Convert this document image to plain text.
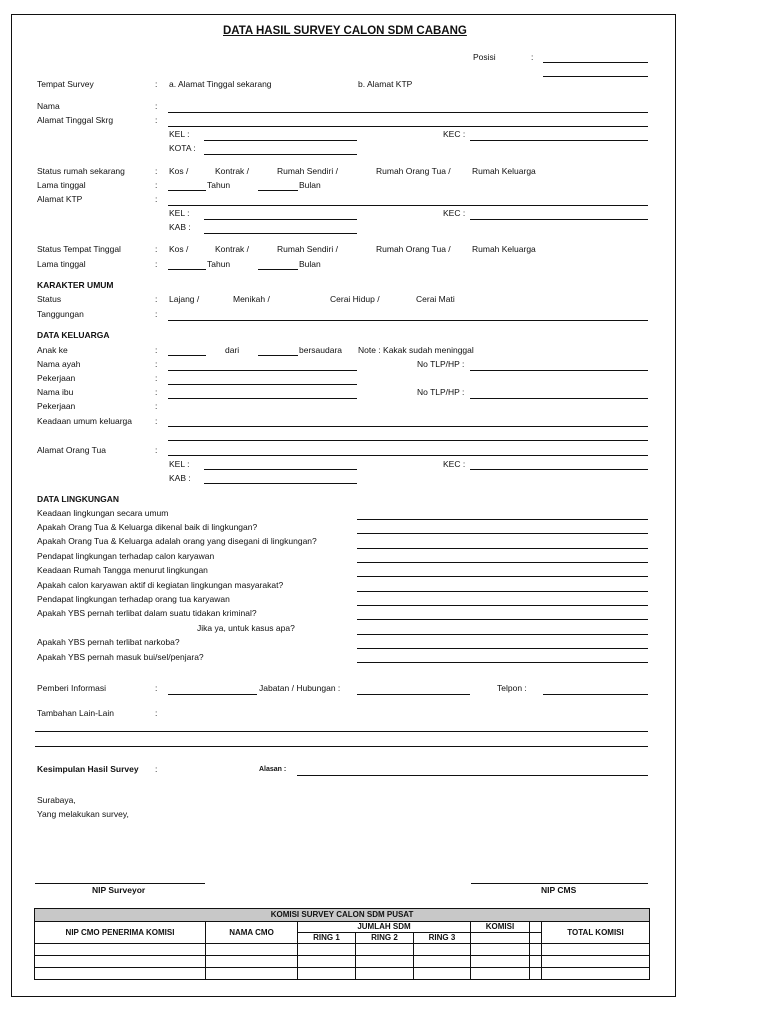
DATA HASIL SURVEY CALON SDM CABANG
Posisi	:
Tempat Survey	: a. Alamat Tinggal sekarang	b. Alamat KTP
Nama	:
Alamat Tinggal Skrg	:
KEL :	KEC :
KOTA :
Status rumah sekarang	: Kos /	Kontrak /	Rumah Sendiri /	Rumah Orang Tua /	Rumah Keluarga
Lama tinggal	:	Tahun	Bulan
Alamat KTP	:
KEL :	KEC :
KAB :
Status Tempat Tinggal	: Kos /	Kontrak /	Rumah Sendiri /	Rumah Orang Tua /	Rumah Keluarga
Lama tinggal	:	Tahun	Bulan
KARAKTER UMUM
Status	: Lajang /	Menikah /	Cerai Hidup /	Cerai Mati
Tanggungan	:
DATA KELUARGA
Anak ke	:	dari	bersaudara Note : Kakak sudah meninggal
Nama ayah	:	No TLP/HP :
Pekerjaan	:
Nama ibu	:	No TLP/HP :
Pekerjaan	:
Keadaan umum keluarga	:
Alamat Orang Tua	:
KEL :	KEC :
KAB :
DATA LINGKUNGAN
Keadaan lingkungan secara umum
Apakah Orang Tua & Keluarga dikenal baik di lingkungan?
Apakah Orang Tua & Keluarga adalah orang yang disegani di lingkungan?
Pendapat lingkungan terhadap calon karyawan
Keadaan Rumah Tangga menurut lingkungan
Apakah calon karyawan aktif di kegiatan lingkungan masyarakat?
Pendapat lingkungan terhadap orang tua karyawan
Apakah YBS pernah terlibat dalam suatu tidakan kriminal?
Jika ya, untuk kasus apa?
Apakah YBS pernah terlibat narkoba?
Apakah YBS pernah masuk bui/sel/penjara?
Pemberi Informasi	:	Jabatan / Hubungan :	Telpon :
Tambahan Lain-Lain	:
Kesimpulan Hasil Survey :	Alasan :
Surabaya,
Yang melakukan survey,
NIP Surveyor	NIP CMS
KOMISI SURVEY CALON SDM PUSAT							
NIP CMO PENERIMA KOMISI	NAMA CMO	JUMLAH SDM			KOMISI		TOTAL KOMISI
		RING 1	RING 2	RING 3			
